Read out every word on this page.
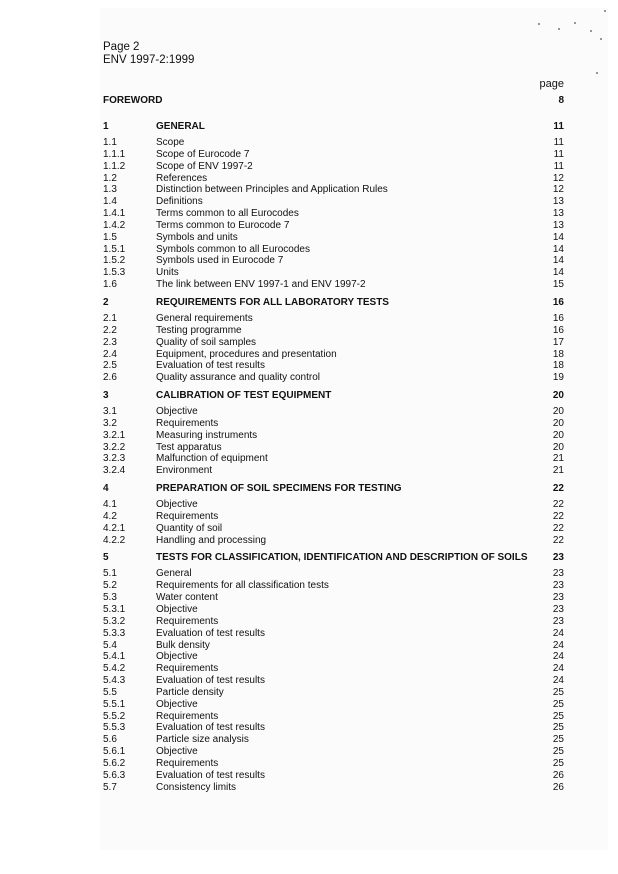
Page 2
ENV 1997-2:1999
page
FOREWORD	8
1	GENERAL	11
1.1	Scope	11
1.1.1	Scope of Eurocode 7	11
1.1.2	Scope of ENV 1997-2	11
1.2	References	12
1.3	Distinction between Principles and Application Rules	12
1.4	Definitions	13
1.4.1	Terms common to all Eurocodes	13
1.4.2	Terms common to Eurocode 7	13
1.5	Symbols and units	14
1.5.1	Symbols common to all Eurocodes	14
1.5.2	Symbols used in Eurocode 7	14
1.5.3	Units	14
1.6	The link between ENV 1997-1 and ENV 1997-2	15
2	REQUIREMENTS FOR ALL LABORATORY TESTS	16
2.1	General requirements	16
2.2	Testing programme	16
2.3	Quality of soil samples	17
2.4	Equipment, procedures and presentation	18
2.5	Evaluation of test results	18
2.6	Quality assurance and quality control	19
3	CALIBRATION OF TEST EQUIPMENT	20
3.1	Objective	20
3.2	Requirements	20
3.2.1	Measuring instruments	20
3.2.2	Test apparatus	20
3.2.3	Malfunction of equipment	21
3.2.4	Environment	21
4	PREPARATION OF SOIL SPECIMENS FOR TESTING	22
4.1	Objective	22
4.2	Requirements	22
4.2.1	Quantity of soil	22
4.2.2	Handling and processing	22
5	TESTS FOR CLASSIFICATION, IDENTIFICATION AND DESCRIPTION OF SOILS	23
5.1	General	23
5.2	Requirements for all classification tests	23
5.3	Water content	23
5.3.1	Objective	23
5.3.2	Requirements	23
5.3.3	Evaluation of test results	24
5.4	Bulk density	24
5.4.1	Objective	24
5.4.2	Requirements	24
5.4.3	Evaluation of test results	24
5.5	Particle density	25
5.5.1	Objective	25
5.5.2	Requirements	25
5.5.3	Evaluation of test results	25
5.6	Particle size analysis	25
5.6.1	Objective	25
5.6.2	Requirements	25
5.6.3	Evaluation of test results	26
5.7	Consistency limits	26
